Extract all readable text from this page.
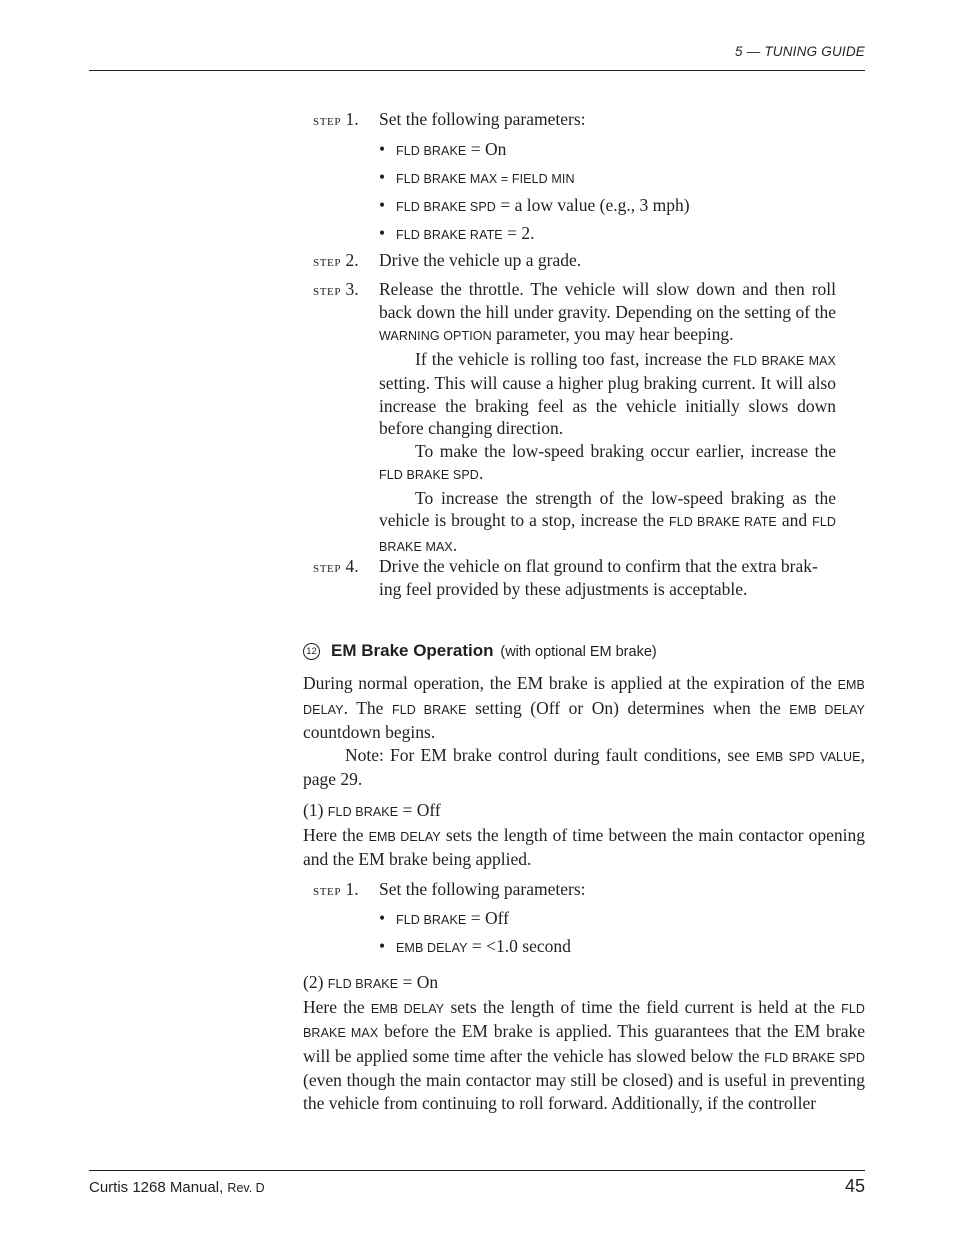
5 — TUNING GUIDE
step 1.	Set the following parameters:

• FLD BRAKE = On
• FLD BRAKE MAX = FIELD MIN
• FLD BRAKE SPD = a low value (e.g., 3 mph)
• FLD BRAKE RATE = 2.
step 2.	Drive the vehicle up a grade.

step 3.	Release the throttle. The vehicle will slow down and then roll back down the hill under gravity. Depending on the setting of the WARNING OPTION parameter, you may hear beeping.

If the vehicle is rolling too fast, increase the FLD BRAKE MAX setting. This will cause a higher plug braking current. It will also increase the braking feel as the vehicle initially slows down before changing direction.

To make the low-speed braking occur earlier, increase the FLD BRAKE SPD.

To increase the strength of the low-speed braking as the vehicle is brought to a stop, increase the FLD BRAKE RATE and FLD BRAKE MAX.

step 4.	Drive the vehicle on flat ground to confirm that the extra brak-
ing feel provided by these adjustments is acceptable.

12 EM Brake Operation (with optional EM brake)

During normal operation, the EM brake is applied at the expiration of the EMB DELAY. The FLD BRAKE setting (Off or On) determines when the EMB DELAY countdown begins.

Note: For EM brake control during fault conditions, see EMB SPD VALUE, page 29.

(1) FLD BRAKE = Off

Here the EMB DELAY sets the length of time between the main contactor opening and the EM brake being applied.

step 1.	Set the following parameters:

• FLD BRAKE = Off
• EMB DELAY = <1.0 second

(2) FLD BRAKE = On

Here the EMB DELAY sets the length of time the field current is held at the FLD BRAKE MAX before the EM brake is applied. This guarantees that the EM brake will be applied some time after the vehicle has slowed below the FLD BRAKE SPD (even though the main contactor may still be closed) and is useful in preventing the vehicle from continuing to roll forward. Additionally, if the controller

Curtis 1268 Manual, Rev. D	45
